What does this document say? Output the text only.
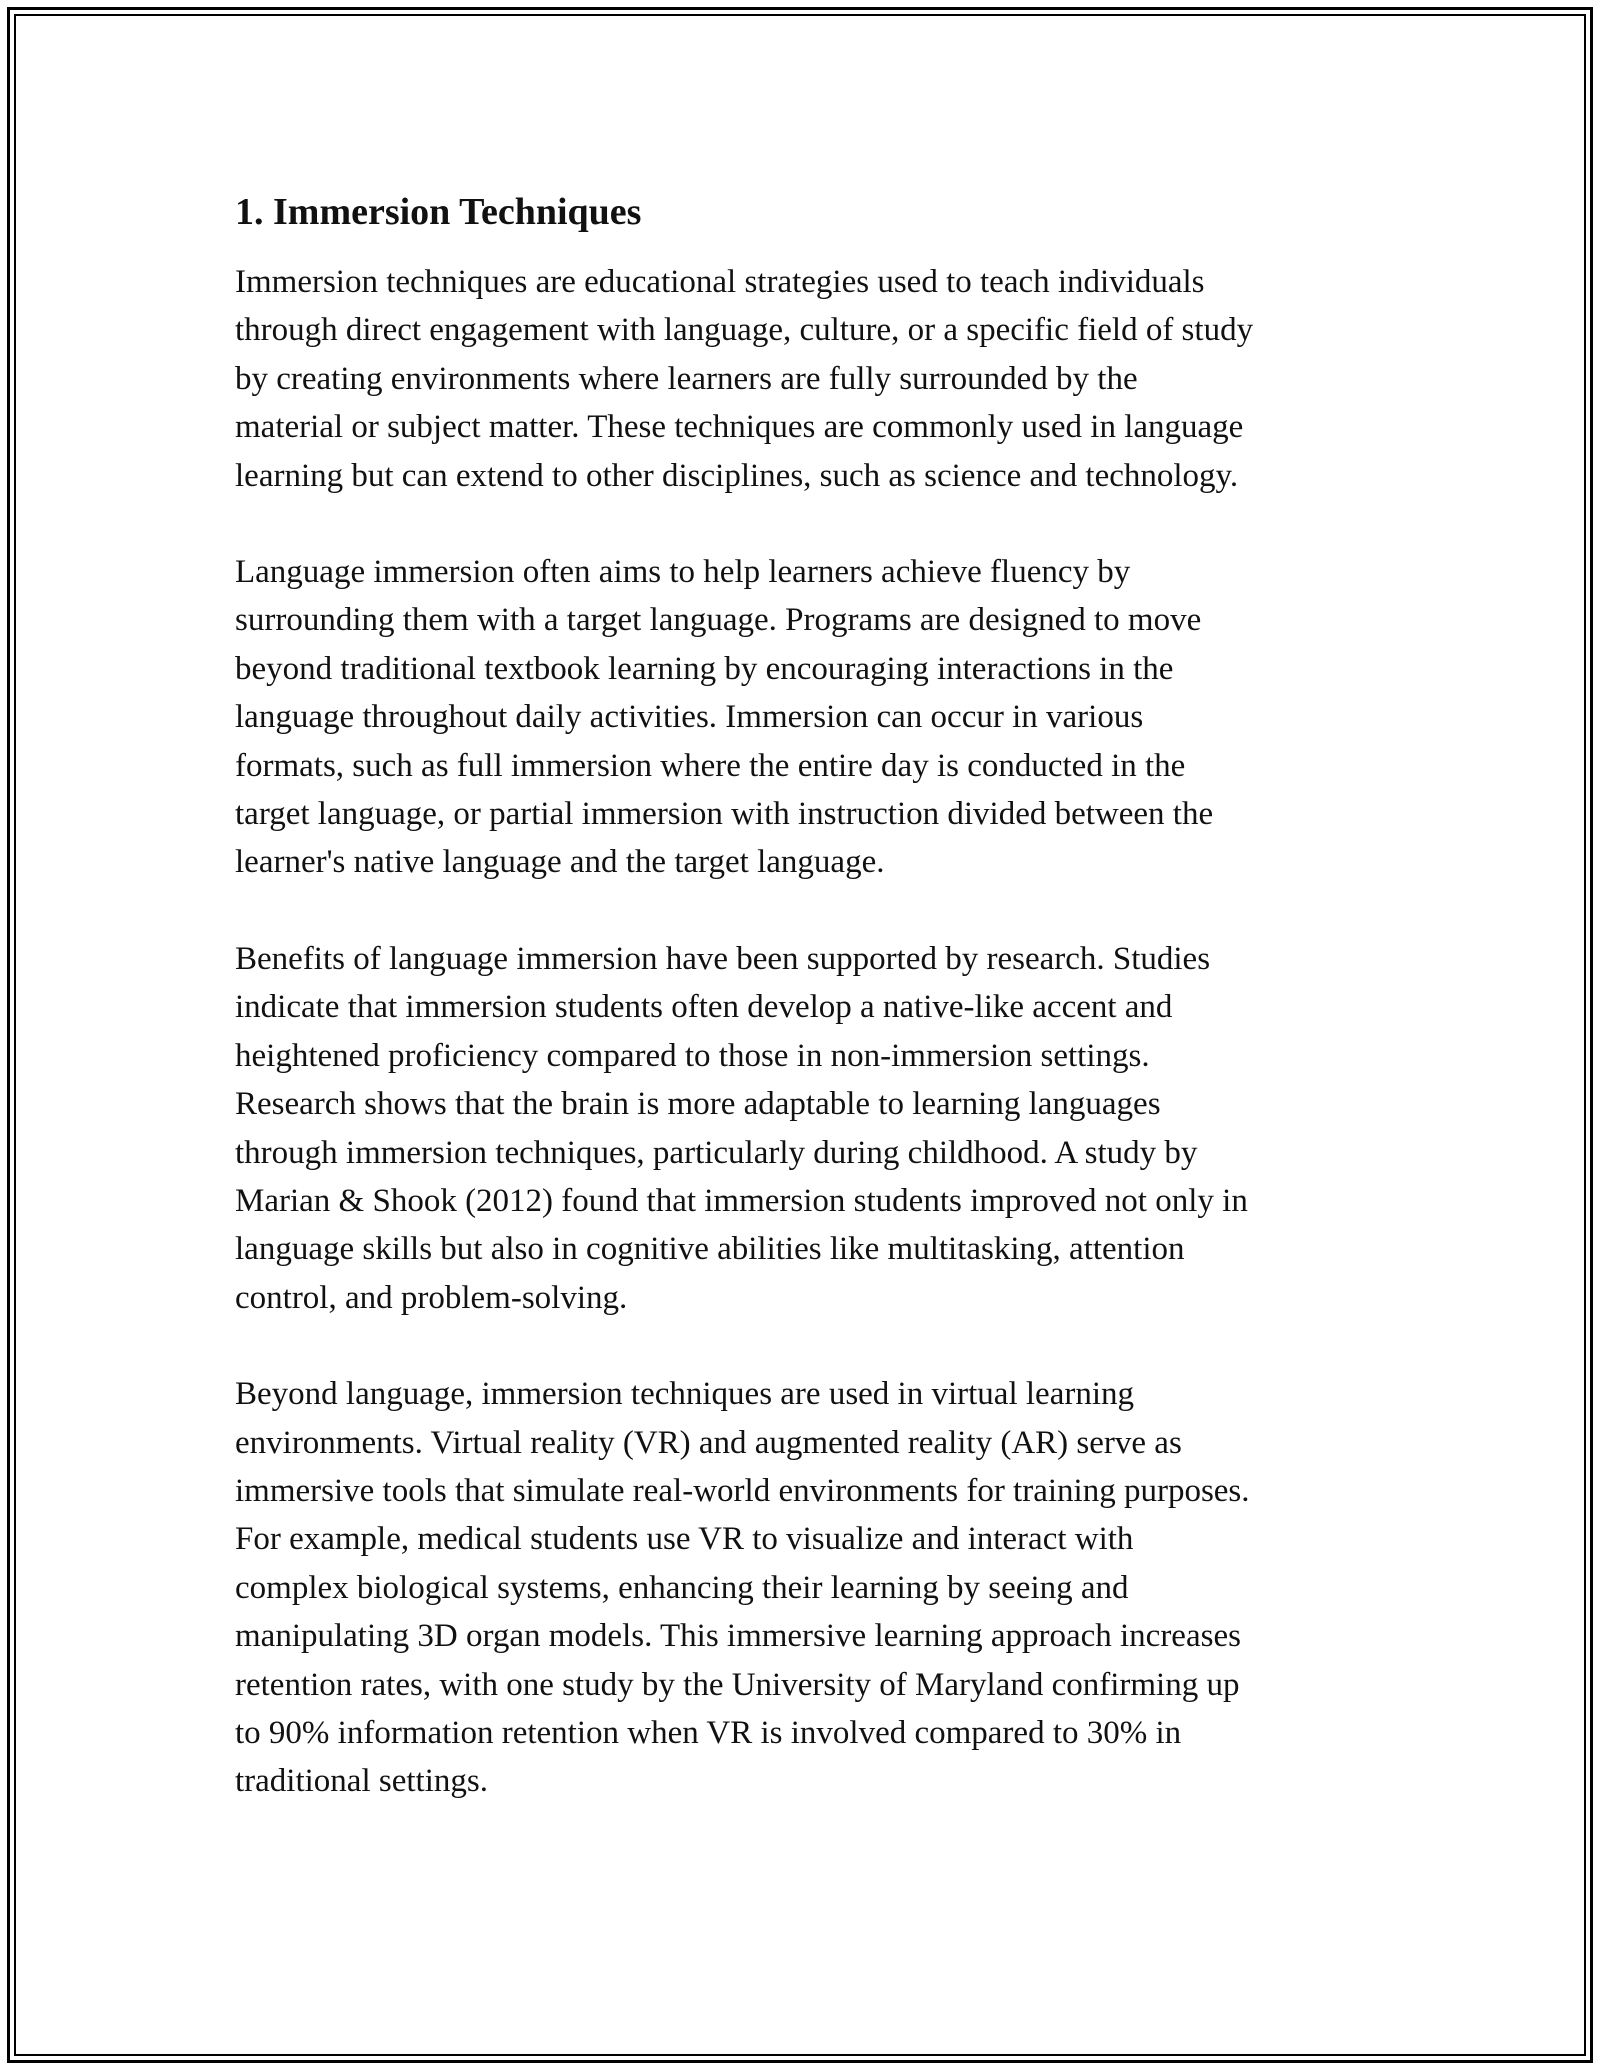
1. Immersion Techniques

Immersion techniques are educational strategies used to teach individuals
through direct engagement with language, culture, or a specific field of study
by creating environments where learners are fully surrounded by the
material or subject matter. These techniques are commonly used in language
learning but can extend to other disciplines, such as science and technology.

Language immersion often aims to help learners achieve fluency by
surrounding them with a target language. Programs are designed to move
beyond traditional textbook learning by encouraging interactions in the
language throughout daily activities. Immersion can occur in various
formats, such as full immersion where the entire day is conducted in the
target language, or partial immersion with instruction divided between the
learner's native language and the target language.

Benefits of language immersion have been supported by research. Studies
indicate that immersion students often develop a native-like accent and
heightened proficiency compared to those in non-immersion settings.
Research shows that the brain is more adaptable to learning languages
through immersion techniques, particularly during childhood. A study by
Marian & Shook (2012) found that immersion students improved not only in
language skills but also in cognitive abilities like multitasking, attention
control, and problem-solving.

Beyond language, immersion techniques are used in virtual learning
environments. Virtual reality (VR) and augmented reality (AR) serve as
immersive tools that simulate real-world environments for training purposes.
For example, medical students use VR to visualize and interact with
complex biological systems, enhancing their learning by seeing and
manipulating 3D organ models. This immersive learning approach increases
retention rates, with one study by the University of Maryland confirming up
to 90% information retention when VR is involved compared to 30% in
traditional settings.
